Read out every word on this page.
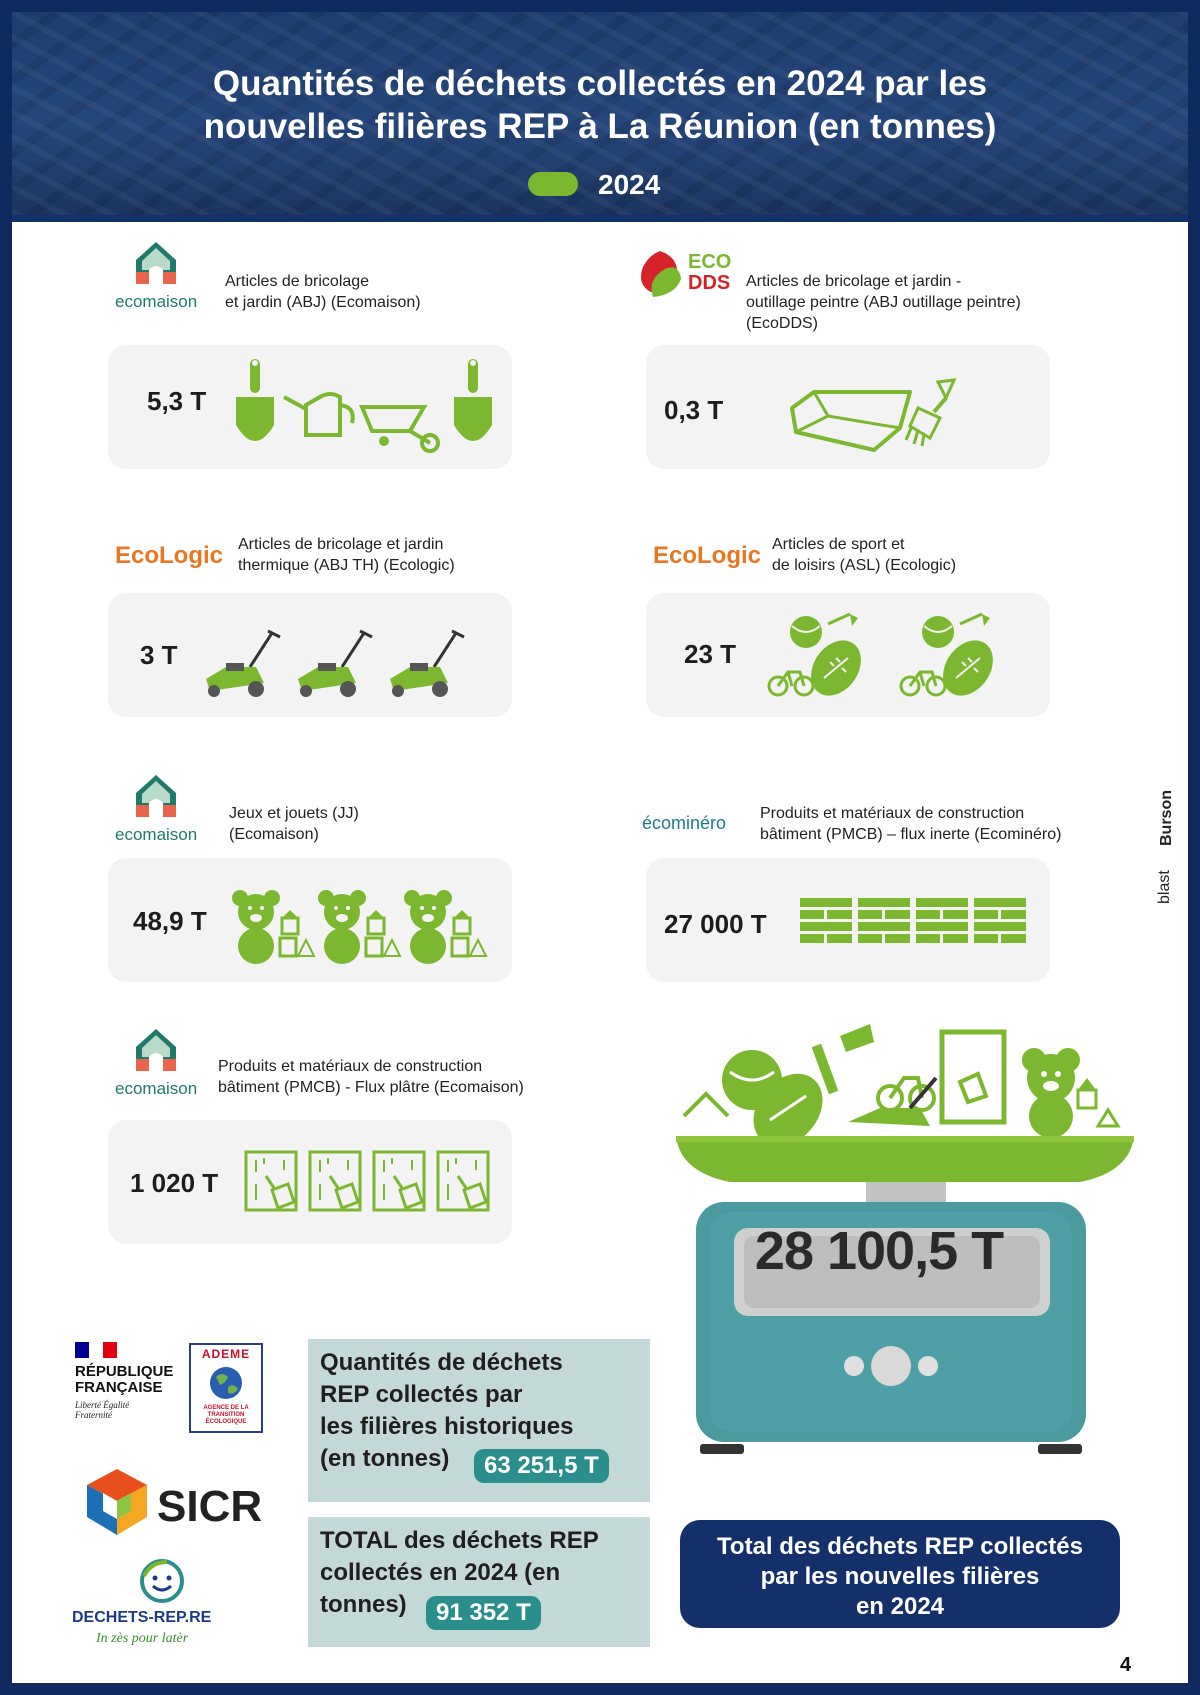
Quantités de déchets collectés en 2024 par les
nouvelles filières REP à La Réunion (en tonnes)
2024
ecomaison
Articles de bricolage
et jardin (ABJ) (Ecomaison)
5,3 T
ECO
DDS Articles de bricolage et jardin -
outillage peintre (ABJ outillage peintre)
(EcoDDS)
0,3 T
EcoLogic Articles de bricolage et jardin
thermique (ABJ TH) (Ecologic)
3 T
EcoLogic Articles de sport et
de loisirs (ASL) (Ecologic)
23 T
ecomaison
Jeux et jouets (JJ)
(Ecomaison)
48,9 T
écominéro Produits et matériaux de construction
bâtiment (PMCB) – flux inerte (Ecominéro)
27 000 T
ecomaison
Produits et matériaux de construction
bâtiment (PMCB) - Flux plâtre (Ecomaison)
1 020 T
28 100,5 T
RÉPUBLIQUE
FRANÇAISE
Liberté Égalité Fraternité
ADEME
AGENCE DE LA TRANSITION ÉCOLOGIQUE
SICR
DECHETS-REP.RE
In zès pour latèr
Quantités de déchets
REP collectés par
les filières historiques
(en tonnes)	63 251,5 T
TOTAL des déchets REP
collectés en 2024 (en
tonnes)	91 352 T
Total des déchets REP collectés
par les nouvelles filières
en 2024
blast
Burson
4
